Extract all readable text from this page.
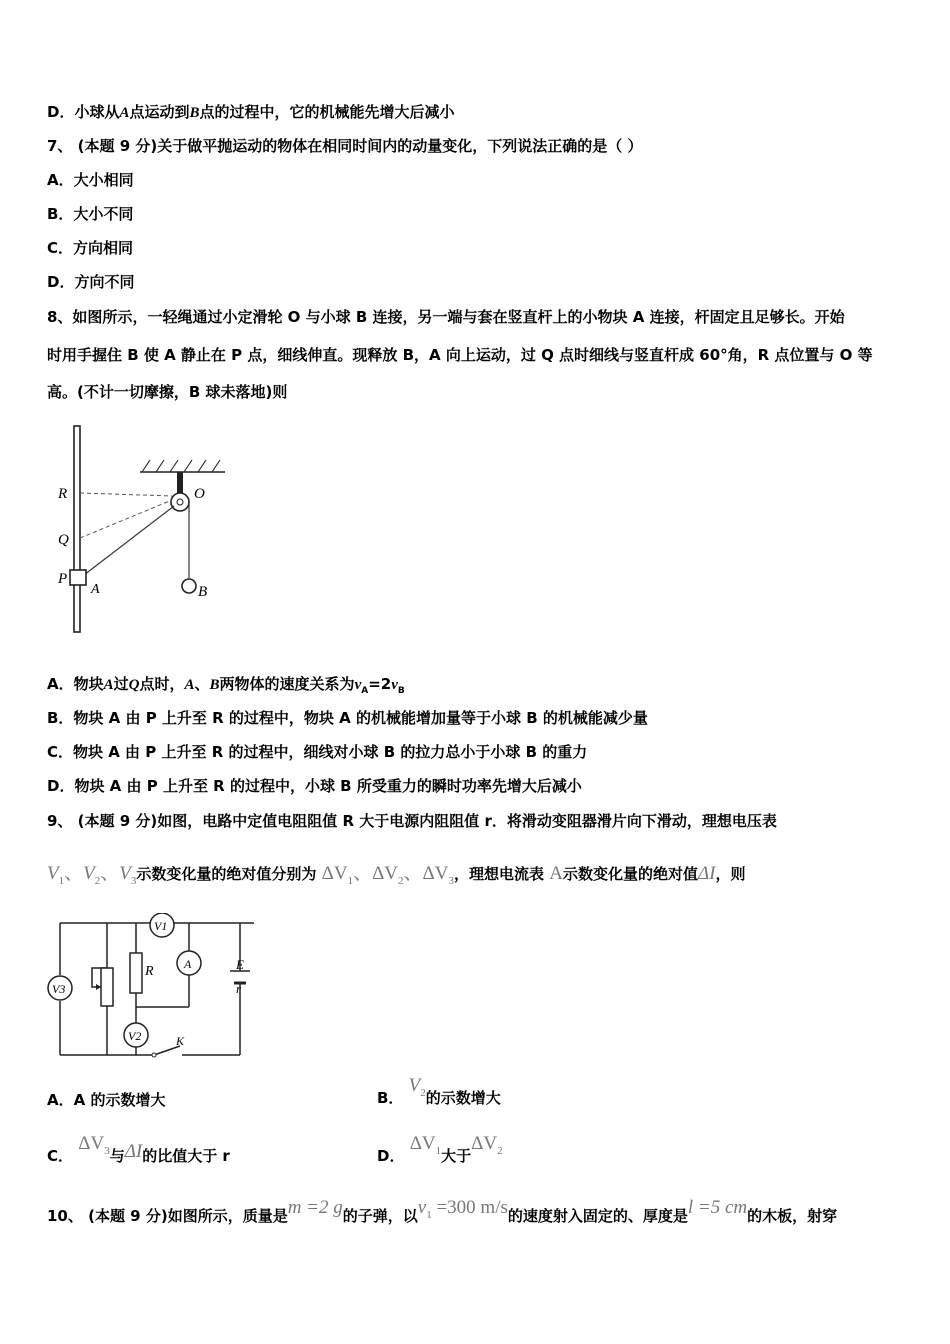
D．小球从A点运动到B点的过程中，它的机械能先增大后减小
7、 (本题 9 分)关于做平抛运动的物体在相同时间内的动量变化，下列说法正确的是（ ）
A．大小相同
B．大小不同
C．方向相同
D．方向不同
8、如图所示，一轻绳通过小定滑轮 O 与小球 B 连接，另一端与套在竖直杆上的小物块 A 连接，杆固定且足够长。开始
时用手握住 B 使 A 静止在 P 点，细线伸直。现释放 B，A 向上运动，过 Q 点时细线与竖直杆成 60°角，R 点位置与 O 等
高。(不计一切摩擦，B 球未落地)则
R
Q
P
A
O
B
A．物块A过Q点时，A、B两物体的速度关系为$v_A=2v_B$
B．物块 A 由 P 上升至 R 的过程中，物块 A 的机械能增加量等于小球 B 的机械能减少量
C．物块 A 由 P 上升至 R 的过程中，细线对小球 B 的拉力总小于小球 B 的重力
D．物块 A 由 P 上升至 R 的过程中，小球 B 所受重力的瞬时功率先增大后减小
9、 (本题 9 分)如图，电路中定值电阻阻值 R 大于电源内阻阻值 r．将滑动变阻器滑片向下滑动，理想电压表
$V_1$、$V_2$、$V_3$示数变化量的绝对值分别为 $\Delta V_1$、$\Delta V_2$、$\Delta V_3$，理想电流表 A示数变化量的绝对值ΔI，则
V3
V1
A
V2
R	E
r
K
A．A 的示数增大	B． $V_2$的示数增大
C． $\Delta V_3$与ΔI的比值大于 r	D． $\Delta V_1$大于$\Delta V_2$
10、 (本题 9 分)如图所示，质量是m =2 g的子弹，以$v_1 =300$ m/s的速度射入固定的、厚度是l =5 cm的木板，射穿
